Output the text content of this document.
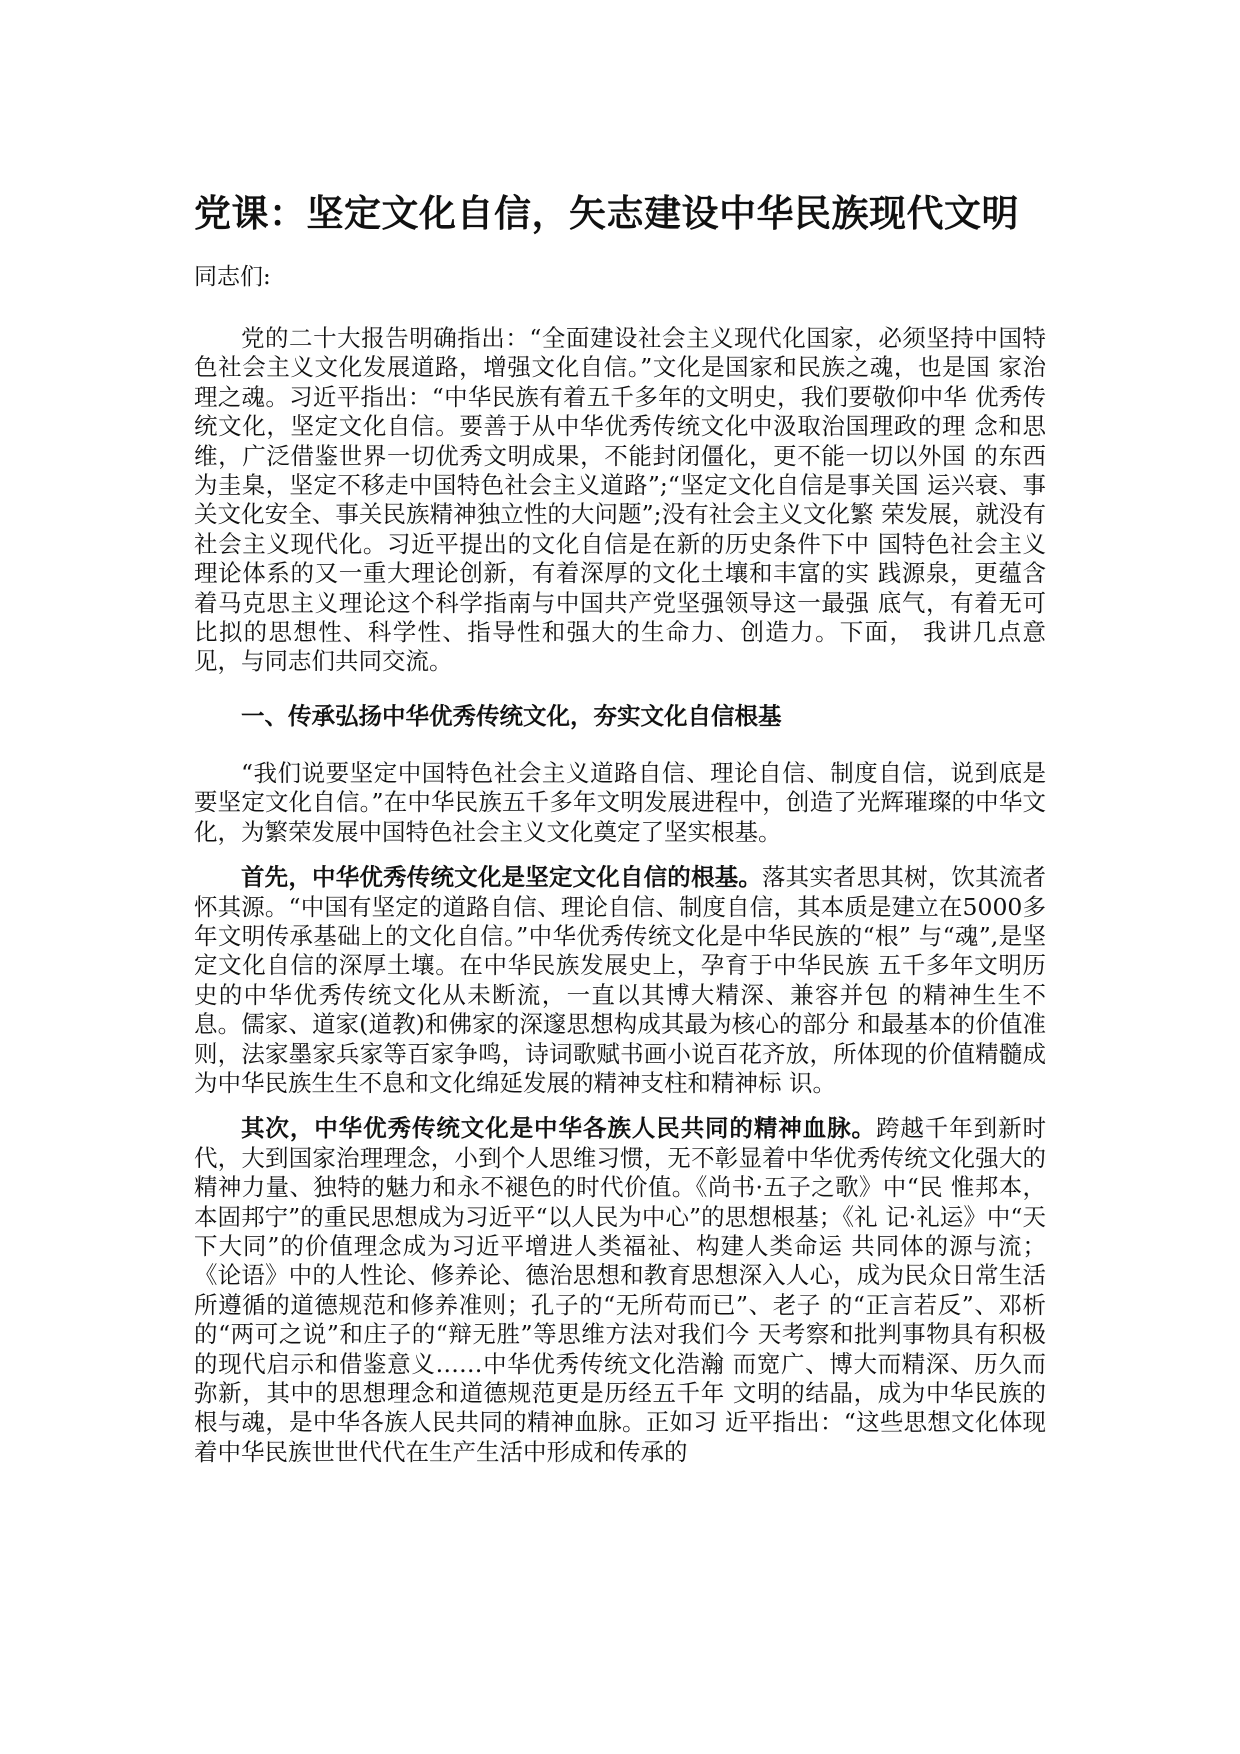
党课：坚定文化自信，矢志建设中华民族现代文明

同志们:

党的二十大报告明确指出：“全面建设社会主义现代化国家，必须坚持中国特色社会主义文化发展道路，增强文化自信。”文化是国家和民族之魂，也是国 家治理之魂。习近平指出：“中华民族有着五千多年的文明史，我们要敬仰中华 优秀传统文化，坚定文化自信。要善于从中华优秀传统文化中汲取治国理政的理 念和思维，广泛借鉴世界一切优秀文明成果，不能封闭僵化，更不能一切以外国 的东西为圭臬，坚定不移走中国特色社会主义道路”;“坚定文化自信是事关国 运兴衰、事关文化安全、事关民族精神独立性的大问题”;没有社会主义文化繁 荣发展，就没有社会主义现代化。习近平提出的文化自信是在新的历史条件下中 国特色社会主义理论体系的又一重大理论创新，有着深厚的文化土壤和丰富的实 践源泉，更蕴含着马克思主义理论这个科学指南与中国共产党坚强领导这一最强 底气，有着无可比拟的思想性、科学性、指导性和强大的生命力、创造力。下面， 我讲几点意见，与同志们共同交流。

一、传承弘扬中华优秀传统文化，夯实文化自信根基

“我们说要坚定中国特色社会主义道路自信、理论自信、制度自信，说到底是要坚定文化自信。”在中华民族五千多年文明发展进程中，创造了光辉璀璨的中华文化，为繁荣发展中国特色社会主义文化奠定了坚实根基。

首先，中华优秀传统文化是坚定文化自信的根基。落其实者思其树，饮其流者怀其源。“中国有坚定的道路自信、理论自信、制度自信，其本质是建立在5000多年文明传承基础上的文化自信。”中华优秀传统文化是中华民族的“根” 与“魂”,是坚定文化自信的深厚土壤。在中华民族发展史上，孕育于中华民族 五千多年文明历史的中华优秀传统文化从未断流，一直以其博大精深、兼容并包 的精神生生不息。儒家、道家(道教)和佛家的深邃思想构成其最为核心的部分 和最基本的价值准则，法家墨家兵家等百家争鸣，诗词歌赋书画小说百花齐放，所体现的价值精髓成为中华民族生生不息和文化绵延发展的精神支柱和精神标 识。

其次，中华优秀传统文化是中华各族人民共同的精神血脉。跨越千年到新时代，大到国家治理理念，小到个人思维习惯，无不彰显着中华优秀传统文化强大的精神力量、独特的魅力和永不褪色的时代价值。《尚书·五子之歌》中“民 惟邦本，本固邦宁”的重民思想成为习近平“以人民为中心”的思想根基；《礼 记·礼运》中“天下大同”的价值理念成为习近平增进人类福祉、构建人类命运 共同体的源与流；《论语》中的人性论、修养论、德治思想和教育思想深入人心，成为民众日常生活所遵循的道德规范和修养准则；孔子的“无所苟而已”、老子 的“正言若反”、邓析的“两可之说”和庄子的“辩无胜”等思维方法对我们今 天考察和批判事物具有积极的现代启示和借鉴意义……中华优秀传统文化浩瀚 而宽广、博大而精深、历久而弥新，其中的思想理念和道德规范更是历经五千年 文明的结晶，成为中华民族的根与魂，是中华各族人民共同的精神血脉。正如习 近平指出：“这些思想文化体现着中华民族世世代代在生产生活中形成和传承的
